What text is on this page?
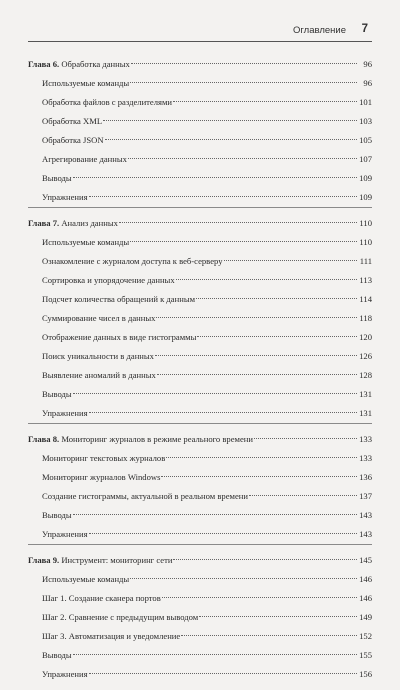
Оглавление 7
Глава 6. Обработка данных	96
Используемые команды	96
Обработка файлов с разделителями	101
Обработка XML	103
Обработка JSON	105
Агрегирование данных	107
Выводы	109
Упражнения	109
Глава 7. Анализ данных	110
Используемые команды	110
Ознакомление с журналом доступа к веб-серверу	111
Сортировка и упорядочение данных	113
Подсчет количества обращений к данным	114
Суммирование чисел в данных	118
Отображение данных в виде гистограммы	120
Поиск уникальности в данных	126
Выявление аномалий в данных	128
Выводы	131
Упражнения	131
Глава 8. Мониторинг журналов в режиме реального времени	133
Мониторинг текстовых журналов	133
Мониторинг журналов Windows	136
Создание гистограммы, актуальной в реальном времени	137
Выводы	143
Упражнения	143
Глава 9. Инструмент: мониторинг сети	145
Используемые команды	146
Шаг 1. Создание сканера портов	146
Шаг 2. Сравнение с предыдущим выводом	149
Шаг 3. Автоматизация и уведомление	152
Выводы	155
Упражнения	156
